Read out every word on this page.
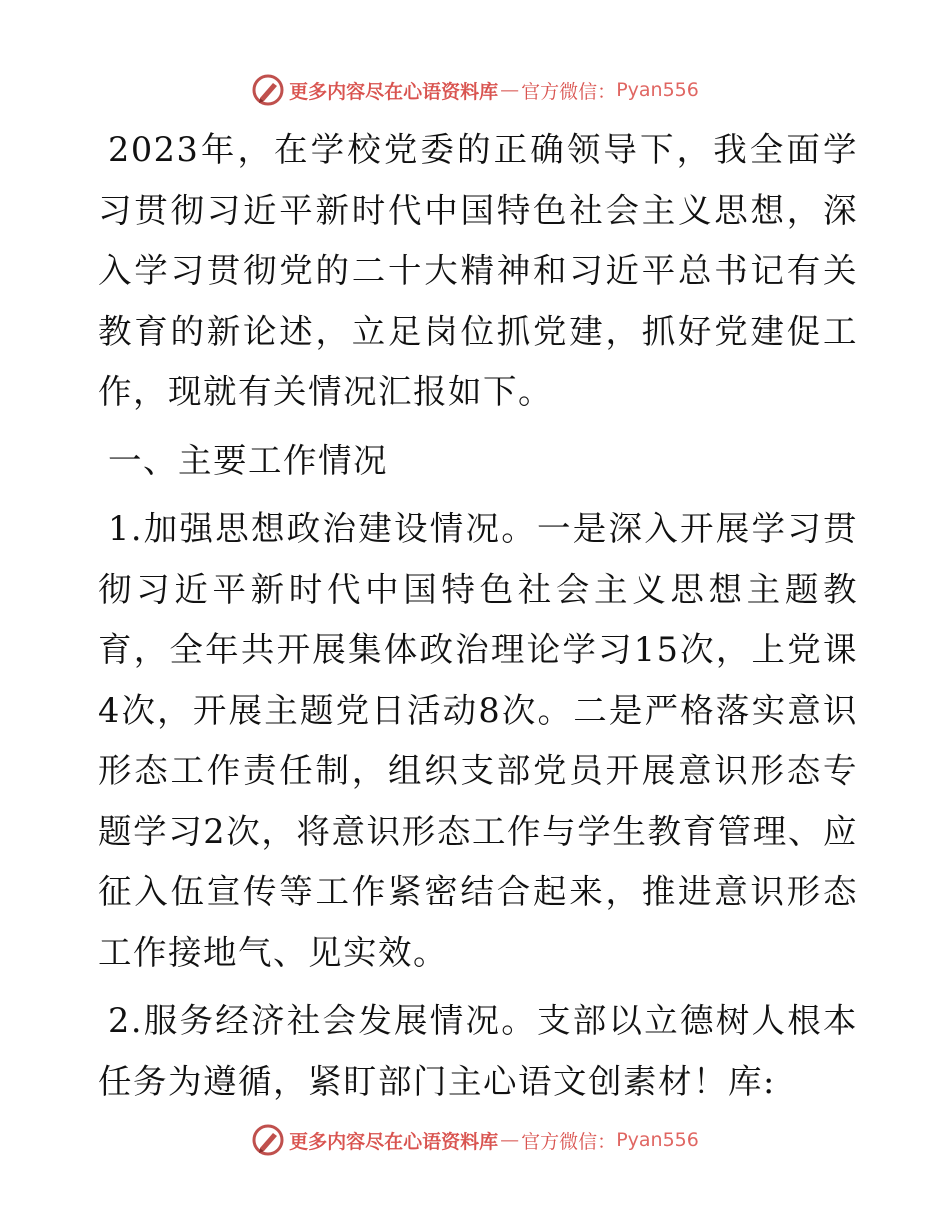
更多内容尽在心语资料库 — 官方微信： Pyan556

2023年，在学校党委的正确领导下，我全面学习贯彻习近平新时代中国特色社会主义思想，深入学习贯彻党的二十大精神和习近平总书记有关教育的新论述，立足岗位抓党建，抓好党建促工作，现就有关情况汇报如下。

一、主要工作情况

1.加强思想政治建设情况。一是深入开展学习贯彻习近平新时代中国特色社会主义思想主题教育，全年共开展集体政治理论学习15次，上党课4次，开展主题党日活动8次。二是严格落实意识形态工作责任制，组织支部党员开展意识形态专题学习2次，将意识形态工作与学生教育管理、应征入伍宣传等工作紧密结合起来，推进意识形态工作接地气、见实效。

2.服务经济社会发展情况。支部以立德树人根本任务为遵循，紧盯部门主心语文创素材！库:

更多内容尽在心语资料库 — 官方微信： Pyan556
